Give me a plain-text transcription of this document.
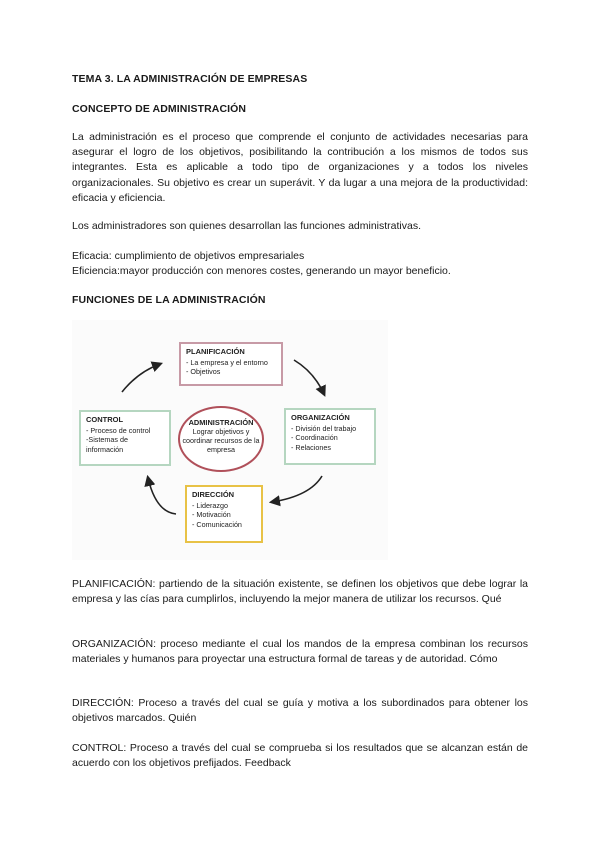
TEMA 3. LA ADMINISTRACIÓN DE EMPRESAS
CONCEPTO DE ADMINISTRACIÓN
La administración es el proceso que comprende el conjunto de actividades necesarias para asegurar el logro de los objetivos, posibilitando la contribución a los mismos de todos sus integrantes. Esta es aplicable a todo tipo de organizaciones y a todos los niveles organizacionales. Su objetivo es crear un superávit. Y da lugar a una mejora de la productividad: eficacia y eficiencia.
Los administradores son quienes desarrollan las funciones administrativas.
Eficacia: cumplimiento de objetivos empresariales
Eficiencia:mayor producción con menores costes, generando un mayor beneficio.
FUNCIONES DE LA ADMINISTRACIÓN
PLANIFICACIÓN
- La empresa y el entorno
- Objetivos
ORGANIZACIÓN
- División del trabajo
- Coordinación
- Relaciones
DIRECCIÓN
- Liderazgo
- Motivación
- Comunicación
CONTROL
- Proceso de control
-Sistemas de
información
ADMINISTRACIÓN
Lograr objetivos y coordinar recursos de la empresa
PLANIFICACIÓN: partiendo de la situación existente, se definen los objetivos que debe lograr la empresa y las cías para cumplirlos, incluyendo la mejor manera de utilizar los recursos. Qué
ORGANIZACIÓN: proceso mediante el cual los mandos de la empresa combinan los recursos materiales y humanos para proyectar una estructura formal de tareas y de autoridad. Cómo
DIRECCIÓN: Proceso a través del cual se guía y motiva a los subordinados para obtener los objetivos marcados. Quién
CONTROL: Proceso a través del cual se comprueba si los resultados que se alcanzan están de acuerdo con los objetivos prefijados. Feedback
